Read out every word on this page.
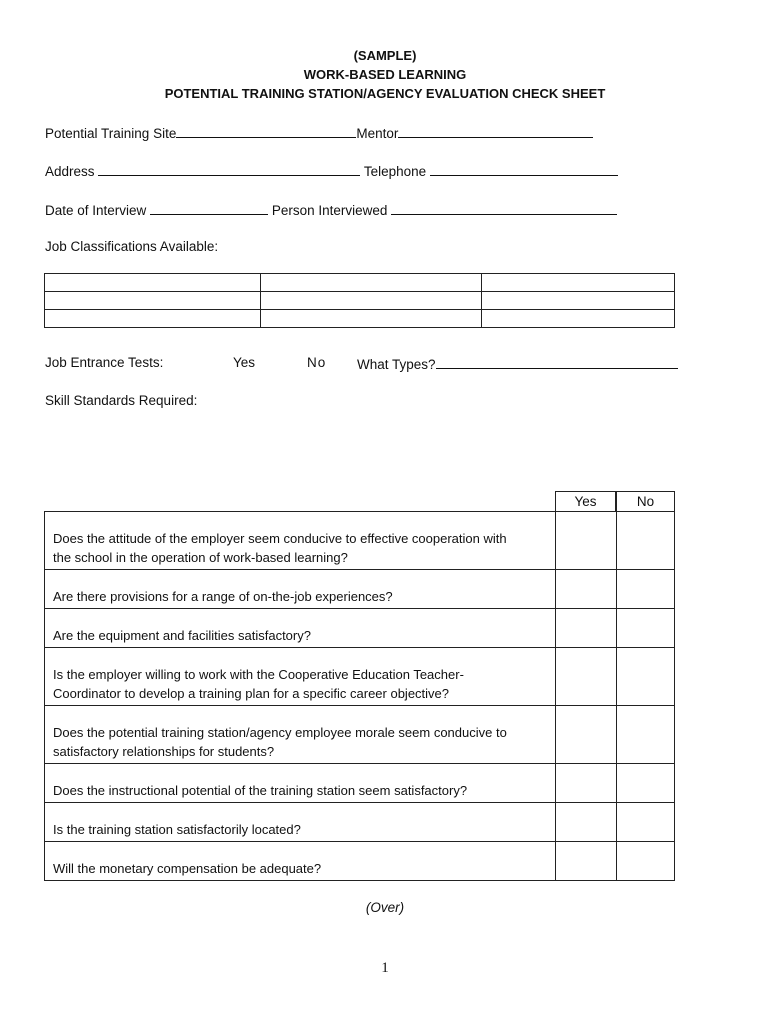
(SAMPLE)
WORK-BASED LEARNING
POTENTIAL TRAINING STATION/AGENCY EVALUATION CHECK SHEET
Potential Training Site	Mentor
Address	Telephone
Date of Interview	Person Interviewed
Job Classifications Available:

Job Entrance Tests:	Yes	No What Types?
Skill Standards Required:
Yes	No
Does the attitude of the employer seem conducive to effective cooperation with
the school in the operation of work-based learning?
Are there provisions for a range of on-the-job experiences?
Are the equipment and facilities satisfactory?
Is the employer willing to work with the Cooperative Education Teacher-
Coordinator to develop a training plan for a specific career objective?
Does the potential training station/agency employee morale seem conducive to
satisfactory relationships for students?
Does the instructional potential of the training station seem satisfactory?
Is the training station satisfactorily located?
Will the monetary compensation be adequate?
(Over)
1
